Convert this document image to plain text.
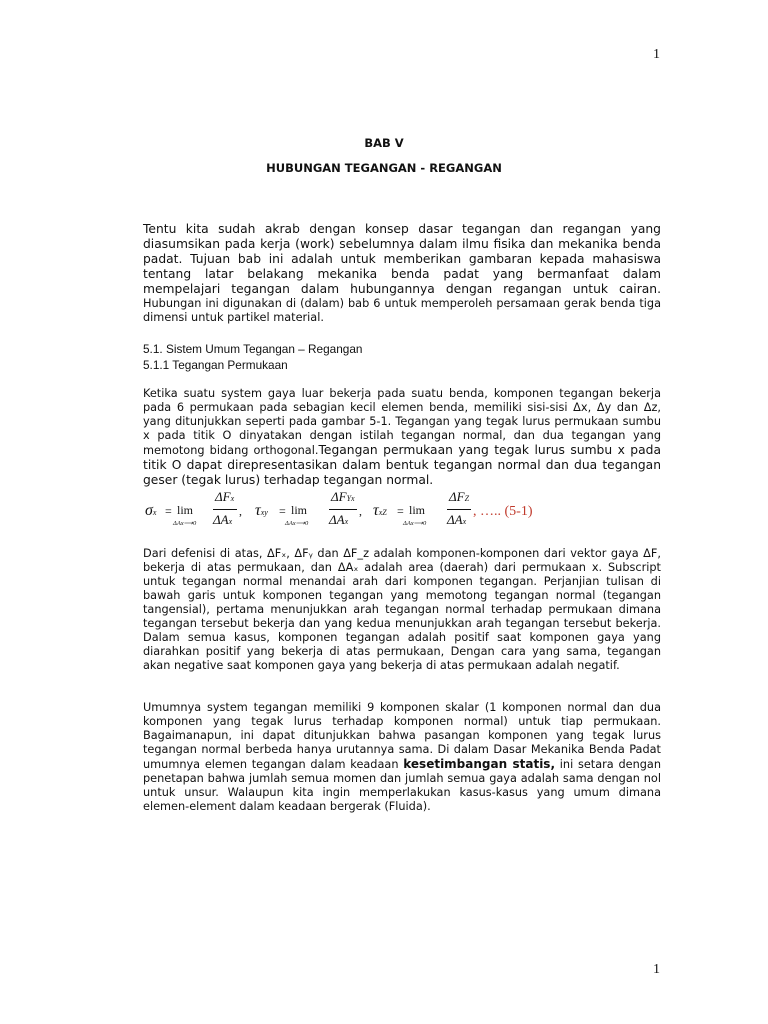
1
BAB V
HUBUNGAN TEGANGAN - REGANGAN

Tentu kita sudah akrab dengan konsep dasar tegangan dan regangan yang diasumsikan pada kerja (work) sebelumnya dalam ilmu fisika dan mekanika benda padat. Tujuan bab ini adalah untuk memberikan gambaran kepada mahasiswa tentang latar belakang mekanika benda padat yang bermanfaat dalam mempelajari tegangan dalam hubungannya dengan regangan untuk cairan. Hubungan ini digunakan di (dalam) bab 6 untuk memperoleh persamaan gerak benda tiga dimensi untuk partikel material.

5.1. Sistem Umum Tegangan – Regangan

5.1.1 Tegangan Permukaan

Ketika suatu system gaya luar bekerja pada suatu benda, komponen tegangan bekerja pada 6 permukaan pada sebagian kecil elemen benda, memiliki sisi-sisi Δx, Δy dan Δz, yang ditunjukkan seperti pada gambar 5-1. Tegangan yang tegak lurus permukaan sumbu x pada titik O dinyatakan dengan istilah tegangan normal, dan dua tegangan yang memotong bidang orthogonal.Tegangan permukaan yang tegak lurus sumbu x pada titik O dapat direpresentasikan dalam bentuk tegangan normal dan dua tegangan geser (tegak lurus) terhadap tegangan normal.

σx = lim
ΔAx⟶0
ΔFx
ΔAx
, τxy = lim
ΔAx⟶0
ΔFYx
ΔAx
, τxZ = lim
ΔAx⟶0
ΔFZ
ΔAx
, ….. (5-1)

Dari defenisi di atas, ΔFₓ, ΔFᵧ dan ΔF_z adalah komponen-komponen dari vektor gaya ΔF, bekerja di atas permukaan, dan ΔAₓ adalah area (daerah) dari permukaan x. Subscript untuk tegangan normal menandai arah dari komponen tegangan. Perjanjian tulisan di bawah garis untuk komponen tegangan yang memotong tegangan normal (tegangan tangensial), pertama menunjukkan arah tegangan normal terhadap permukaan dimana tegangan tersebut bekerja dan yang kedua menunjukkan arah tegangan tersebut bekerja. Dalam semua kasus, komponen tegangan adalah positif saat komponen gaya yang diarahkan positif yang bekerja di atas permukaan, Dengan cara yang sama, tegangan akan negative saat komponen gaya yang bekerja di atas permukaan adalah negatif.

Umumnya system tegangan memiliki 9 komponen skalar (1 komponen normal dan dua komponen yang tegak lurus terhadap komponen normal) untuk tiap permukaan. Bagaimanapun, ini dapat ditunjukkan bahwa pasangan komponen yang tegak lurus tegangan normal berbeda hanya urutannya sama. Di dalam Dasar Mekanika Benda Padat umumnya elemen tegangan dalam keadaan kesetimbangan statis, ini setara dengan penetapan bahwa jumlah semua momen dan jumlah semua gaya adalah sama dengan nol untuk unsur. Walaupun kita ingin memperlakukan kasus-kasus yang umum dimana elemen-element dalam keadaan bergerak (Fluida).

1
